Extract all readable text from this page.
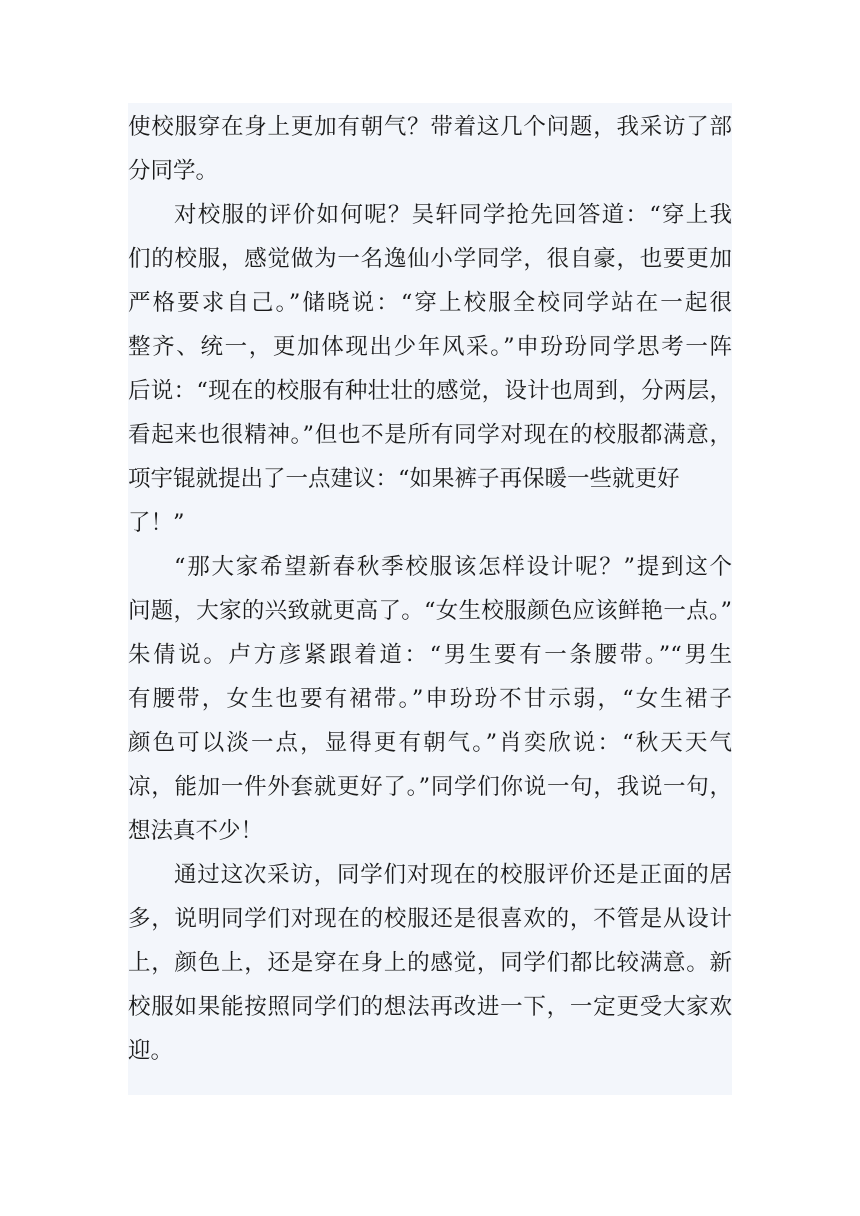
使校服穿在身上更加有朝气？带着这几个问题，我采访了部
分同学。
对校服的评价如何呢？吴轩同学抢先回答道：“穿上我
们的校服，感觉做为一名逸仙小学同学，很自豪，也要更加
严格要求自己。”储晓说：“穿上校服全校同学站在一起很
整齐、统一，更加体现出少年风采。”申玢玢同学思考一阵
后说：“现在的校服有种壮壮的感觉，设计也周到，分两层，
看起来也很精神。”但也不是所有同学对现在的校服都满意，
项宇锟就提出了一点建议：“如果裤子再保暖一些就更好
了！”
“那大家希望新春秋季校服该怎样设计呢？”提到这个
问题，大家的兴致就更高了。“女生校服颜色应该鲜艳一点。”
朱倩说。卢方彦紧跟着道：“男生要有一条腰带。”“男生
有腰带，女生也要有裙带。”申玢玢不甘示弱，“女生裙子
颜色可以淡一点，显得更有朝气。”肖奕欣说：“秋天天气
凉，能加一件外套就更好了。”同学们你说一句，我说一句，
想法真不少！
通过这次采访，同学们对现在的校服评价还是正面的居
多，说明同学们对现在的校服还是很喜欢的，不管是从设计
上，颜色上，还是穿在身上的感觉，同学们都比较满意。新
校服如果能按照同学们的想法再改进一下，一定更受大家欢
迎。
